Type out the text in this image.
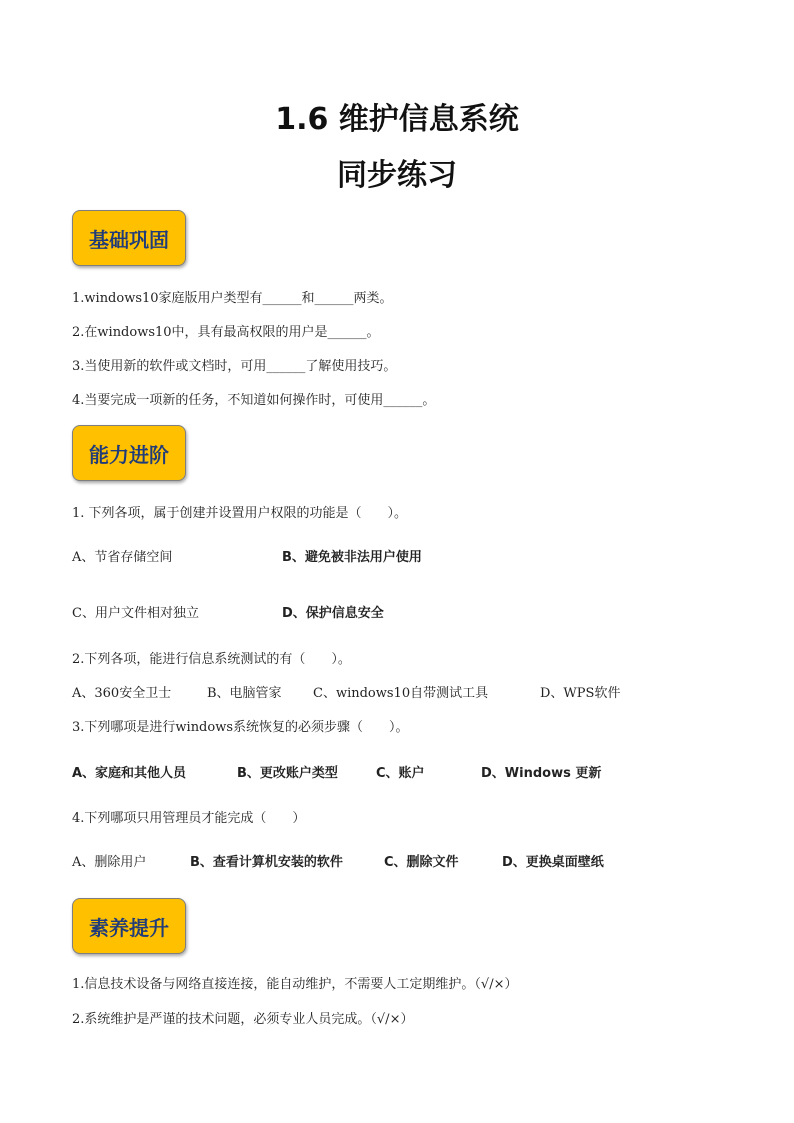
1.6 维护信息系统
同步练习
基础巩固
1.windows10家庭版用户类型有______和______两类。
2.在windows10中，具有最高权限的用户是______。
3.当使用新的软件或文档时，可用______了解使用技巧。
4.当要完成一项新的任务，不知道如何操作时，可使用______。
能力进阶
1. 下列各项，属于创建并设置用户权限的功能是（　　）。
A、节省存储空间	B、避免被非法用户使用
C、用户文件相对独立	D、保护信息安全
2.下列各项，能进行信息系统测试的有（　　）。
A、360安全卫士	B、电脑管家 C、windows10自带测试工具	D、WPS软件
3.下列哪项是进行windows系统恢复的必须步骤（　　）。
A、家庭和其他人员	B、更改账户类型	C、账户	D、Windows 更新
4.下列哪项只用管理员才能完成（　　）
A、删除用户	B、查看计算机安装的软件	C、删除文件	D、更换桌面壁纸
素养提升
1.信息技术设备与网络直接连接，能自动维护，不需要人工定期维护。（√/×）
2.系统维护是严谨的技术问题，必须专业人员完成。（√/×）
